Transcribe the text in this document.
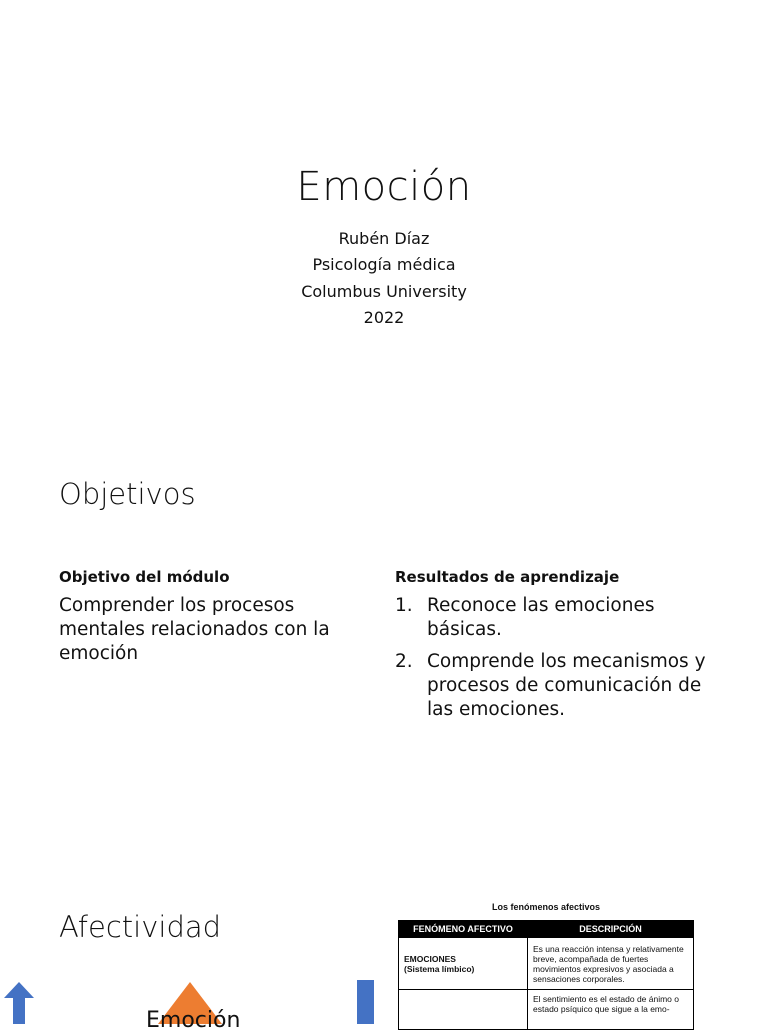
Emoción
Rubén Díaz
Psicología médica
Columbus University
2022
Objetivos
Objetivo del módulo
Comprender los procesos mentales relacionados con la emoción
Resultados de aprendizaje
1. Reconoce las emociones básicas.
2. Comprende los mecanismos y procesos de comunicación de las emociones.
Afectividad
Emoción
Los fenómenos afectivos
FENÓMENO AFECTIVO	DESCRIPCIÓN

EMOCIONES
(Sistema límbico)	Es una reacción intensa y relativamente breve, acompañada de fuertes movimientos expresivos y asociada a sensaciones corporales.

	El sentimiento es el estado de ánimo o estado psíquico que sigue a la emo-
